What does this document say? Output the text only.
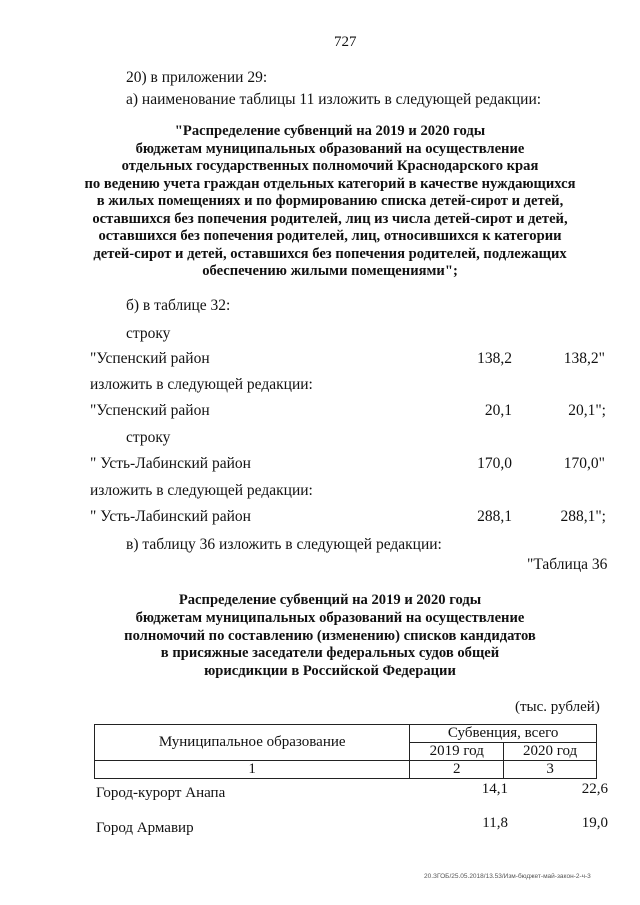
727
20) в приложении 29:
а) наименование таблицы 11 изложить в следующей редакции:
"Распределение субвенций на 2019 и 2020 годы
бюджетам муниципальных образований на осуществление
отдельных государственных полномочий Краснодарского края
по ведению учета граждан отдельных категорий в качестве нуждающихся
в жилых помещениях и по формированию списка детей-сирот и детей,
оставшихся без попечения родителей, лиц из числа детей-сирот и детей,
оставшихся без попечения родителей, лиц, относившихся к категории
детей-сирот и детей, оставшихся без попечения родителей, подлежащих
обеспечению жилыми помещениями";
б) в таблице 32:
строку
"Успенский район	138,2	138,2"
изложить в следующей редакции:
"Успенский район	20,1	20,1";
строку
" Усть-Лабинский район	170,0	170,0"
изложить в следующей редакции:
" Усть-Лабинский район	288,1	288,1";
в) таблицу 36 изложить в следующей редакции:
"Таблица 36
Распределение субвенций на 2019 и 2020 годы
бюджетам муниципальных образований на осуществление
полномочий по составлению (изменению) списков кандидатов
в присяжные заседатели федеральных судов общей
юрисдикции в Российской Федерации
(тыс. рублей)
Муниципальное образование	Субвенция, всего	
	2019 год	2020 год
1	2	3
Город-курорт Анапа	14,1	22,6
Город Армавир	11,8	19,0
20.ЗГОБ/25.05.2018/13.53/Изм-бюджет-май-закон-2-ч-3
